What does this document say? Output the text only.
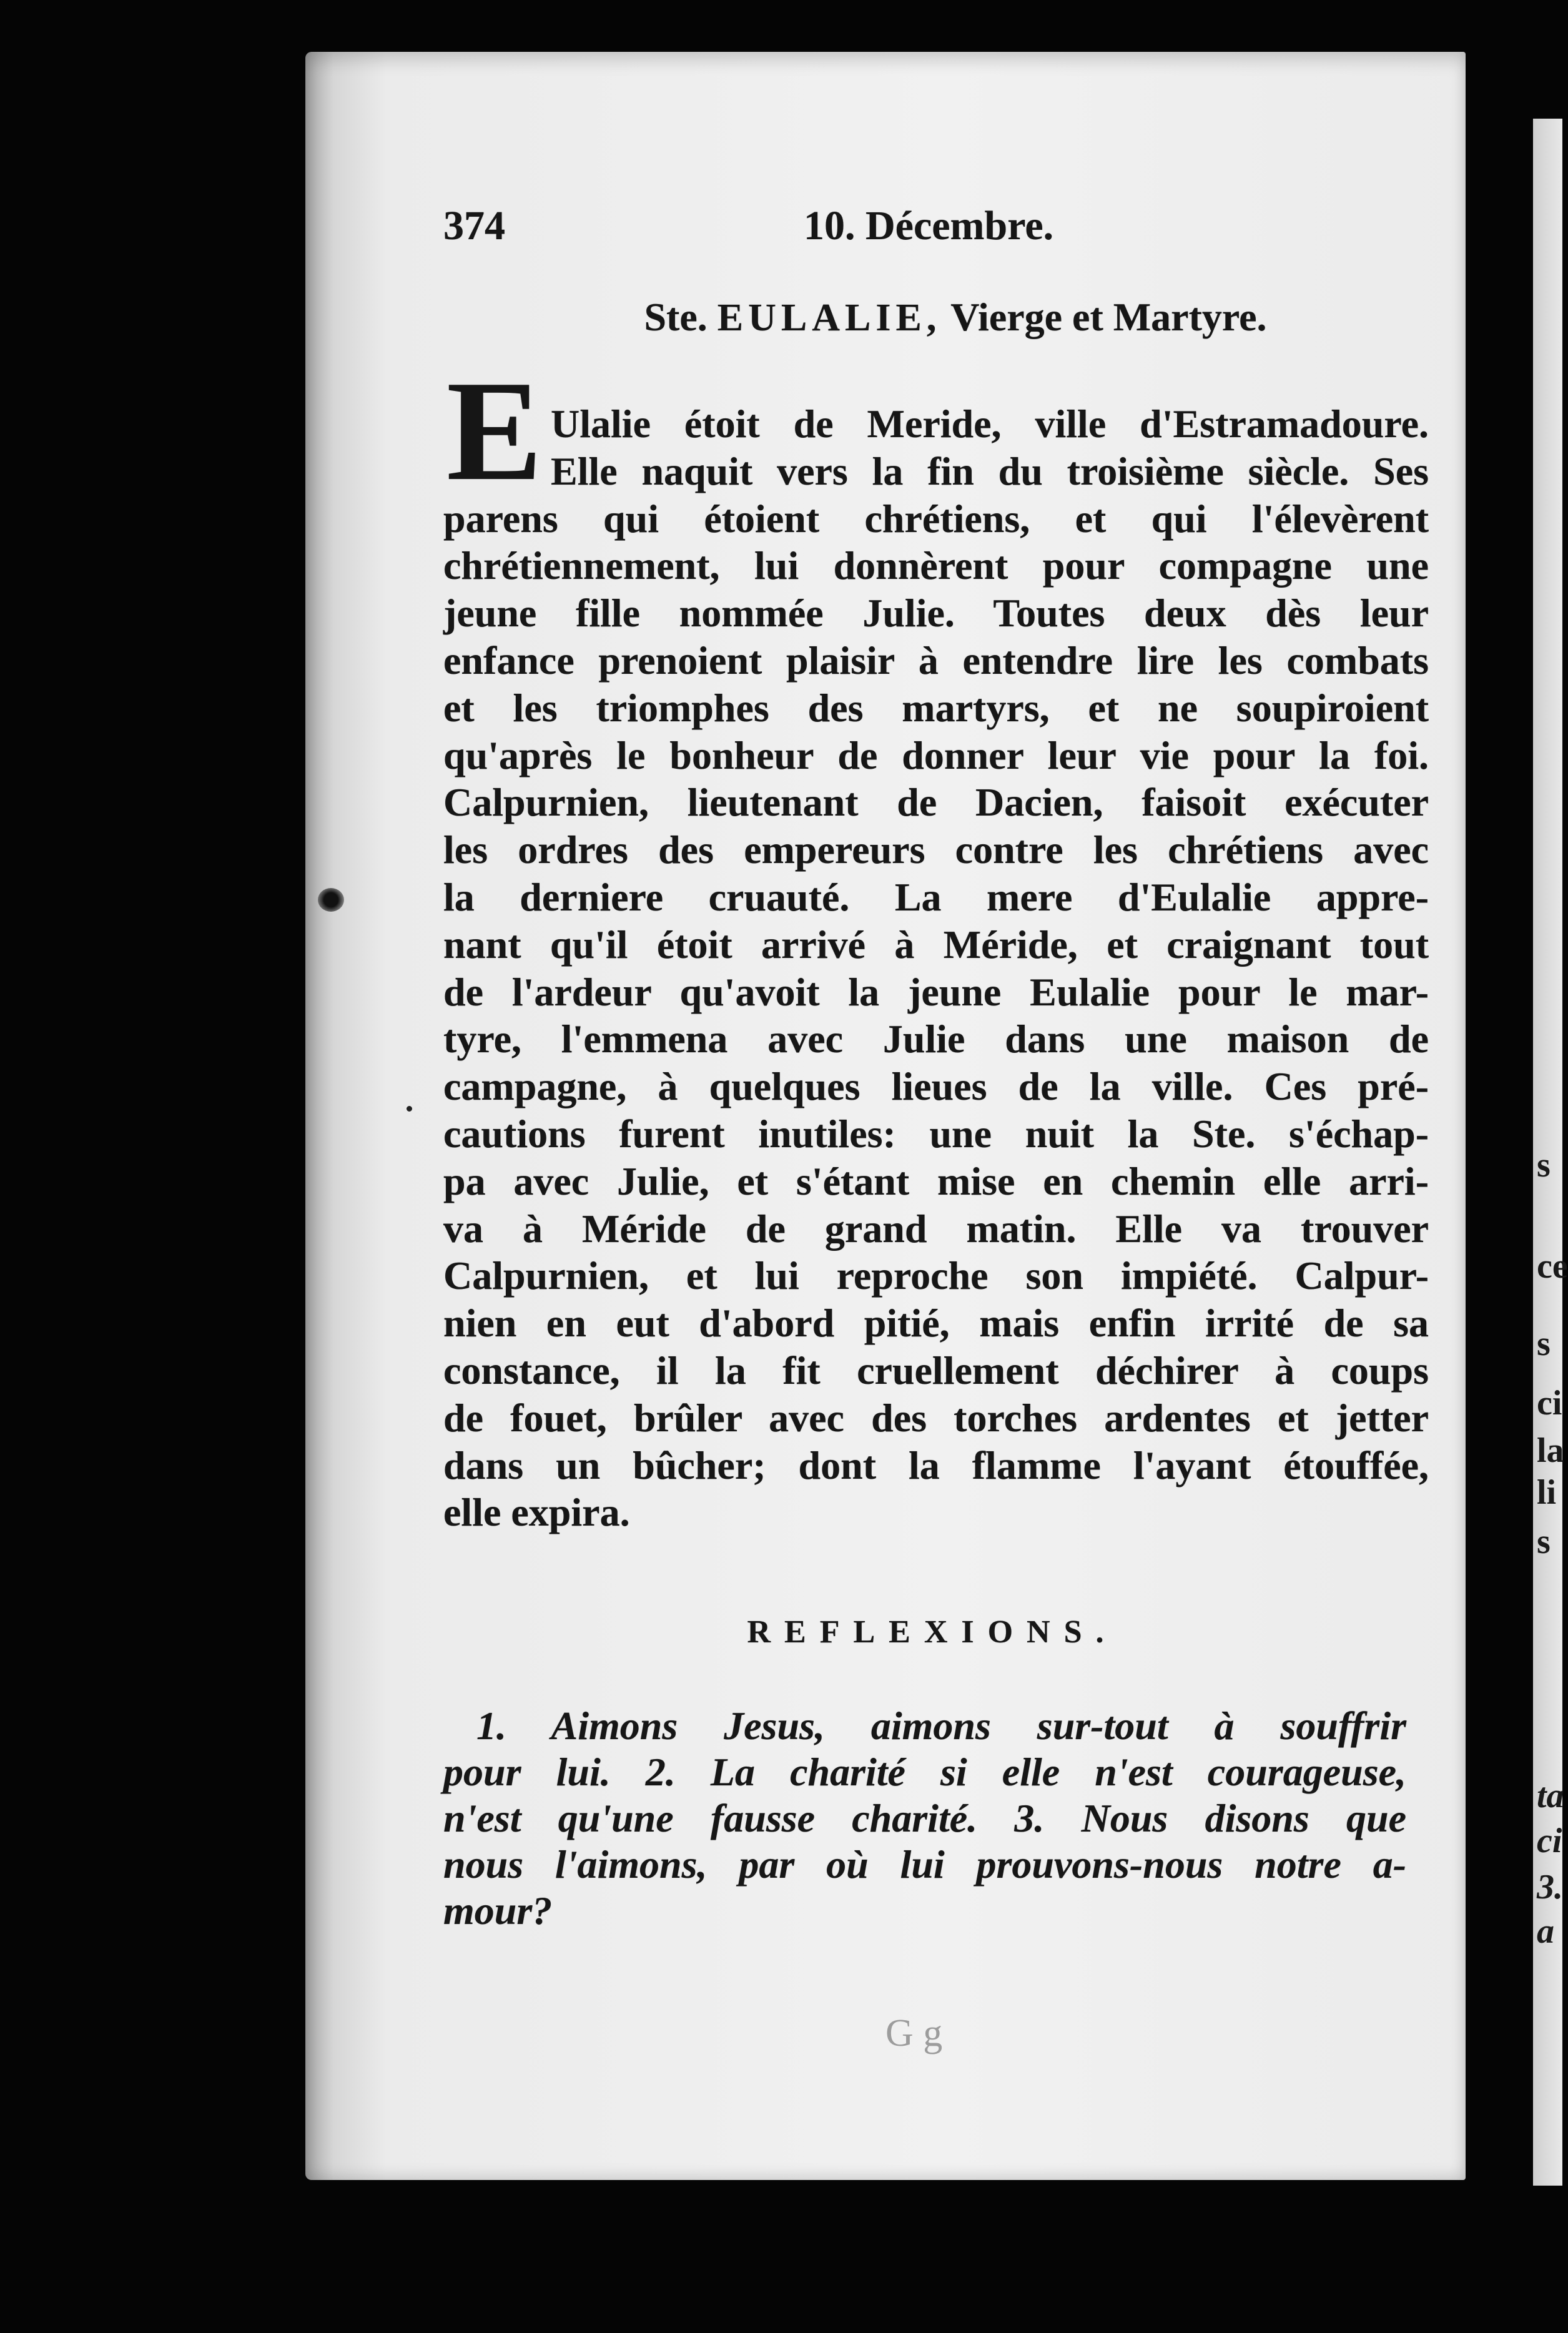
374	10. Décembre.
Ste. EULALIE, Vierge et Martyre.
E Ulalie étoit de Meride, ville d'Estramadoure.
Elle naquit vers la fin du troisième siècle. Ses
parens qui étoient chrétiens, et qui l'élevèrent
chrétiennement, lui donnèrent pour compagne une
jeune fille nommée Julie. Toutes deux dès leur
enfance prenoient plaisir à entendre lire les combats
et les triomphes des martyrs, et ne soupiroient
qu'après le bonheur de donner leur vie pour la foi.
Calpurnien, lieutenant de Dacien, faisoit exécuter
les ordres des empereurs contre les chrétiens avec
la derniere cruauté. La mere d'Eulalie appre-
nant qu'il étoit arrivé à Méride, et craignant tout
de l'ardeur qu'avoit la jeune Eulalie pour le mar-
tyre, l'emmena avec Julie dans une maison de
campagne, à quelques lieues de la ville. Ces pré-
cautions furent inutiles: une nuit la Ste. s'échap-
pa avec Julie, et s'étant mise en chemin elle arri-
va à Méride de grand matin. Elle va trouver
Calpurnien, et lui reproche son impiété. Calpur-
nien en eut d'abord pitié, mais enfin irrité de sa
constance, il la fit cruellement déchirer à coups
de fouet, brûler avec des torches ardentes et jetter
dans un bûcher; dont la flamme l'ayant étouffée,
elle expira.
REFLEXIONS.
1. Aimons Jesus, aimons sur-tout à souffrir
pour lui. 2. La charité si elle n'est courageuse,
n'est qu'une fausse charité. 3. Nous disons que
nous l'aimons, par où lui prouvons-nous notre a-
mour?
G g
s
ce
s
ci
la
li
s
ta
ci
3.
a
